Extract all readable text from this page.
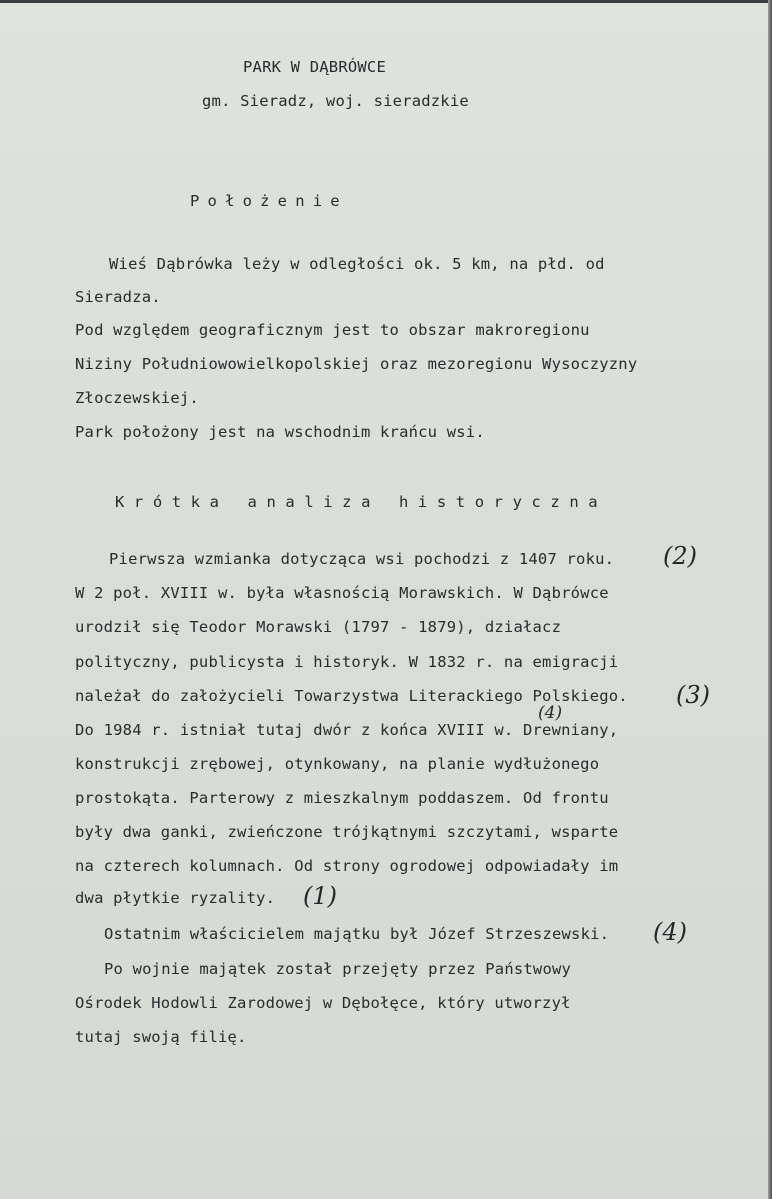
PARK W DĄBRÓWCE
gm. Sieradz, woj. sieradzkie
Położenie
Wieś Dąbrówka leży w odległości ok. 5 km, na płd. od
Sieradza.
Pod względem geograficznym jest to obszar makroregionu
Niziny Południowowielkopolskiej oraz mezoregionu Wysoczyzny
Złoczewskiej.
Park położony jest na wschodnim krańcu wsi.
Krótka analiza historyczna
Pierwsza wzmianka dotycząca wsi pochodzi z 1407 roku.
W 2 poł. XVIII w. była własnością Morawskich. W Dąbrówce
urodził się Teodor Morawski (1797 - 1879), działacz
polityczny, publicysta i historyk. W 1832 r. na emigracji
należał do założycieli Towarzystwa Literackiego Polskiego.
Do 1984 r. istniał tutaj dwór z końca XVIII w. Drewniany,
konstrukcji zrębowej, otynkowany, na planie wydłużonego
prostokąta. Parterowy z mieszkalnym poddaszem. Od frontu
były dwa ganki, zwieńczone trójkątnymi szczytami, wsparte
na czterech kolumnach. Od strony ogrodowej odpowiadały im
dwa płytkie ryzality.
Ostatnim właścicielem majątku był Józef Strzeszewski.
Po wojnie majątek został przejęty przez Państwowy
Ośrodek Hodowli Zarodowej w Dębołęce, który utworzył
tutaj swoją filię.
(2)
(3)
(4)
(1)
(4)
